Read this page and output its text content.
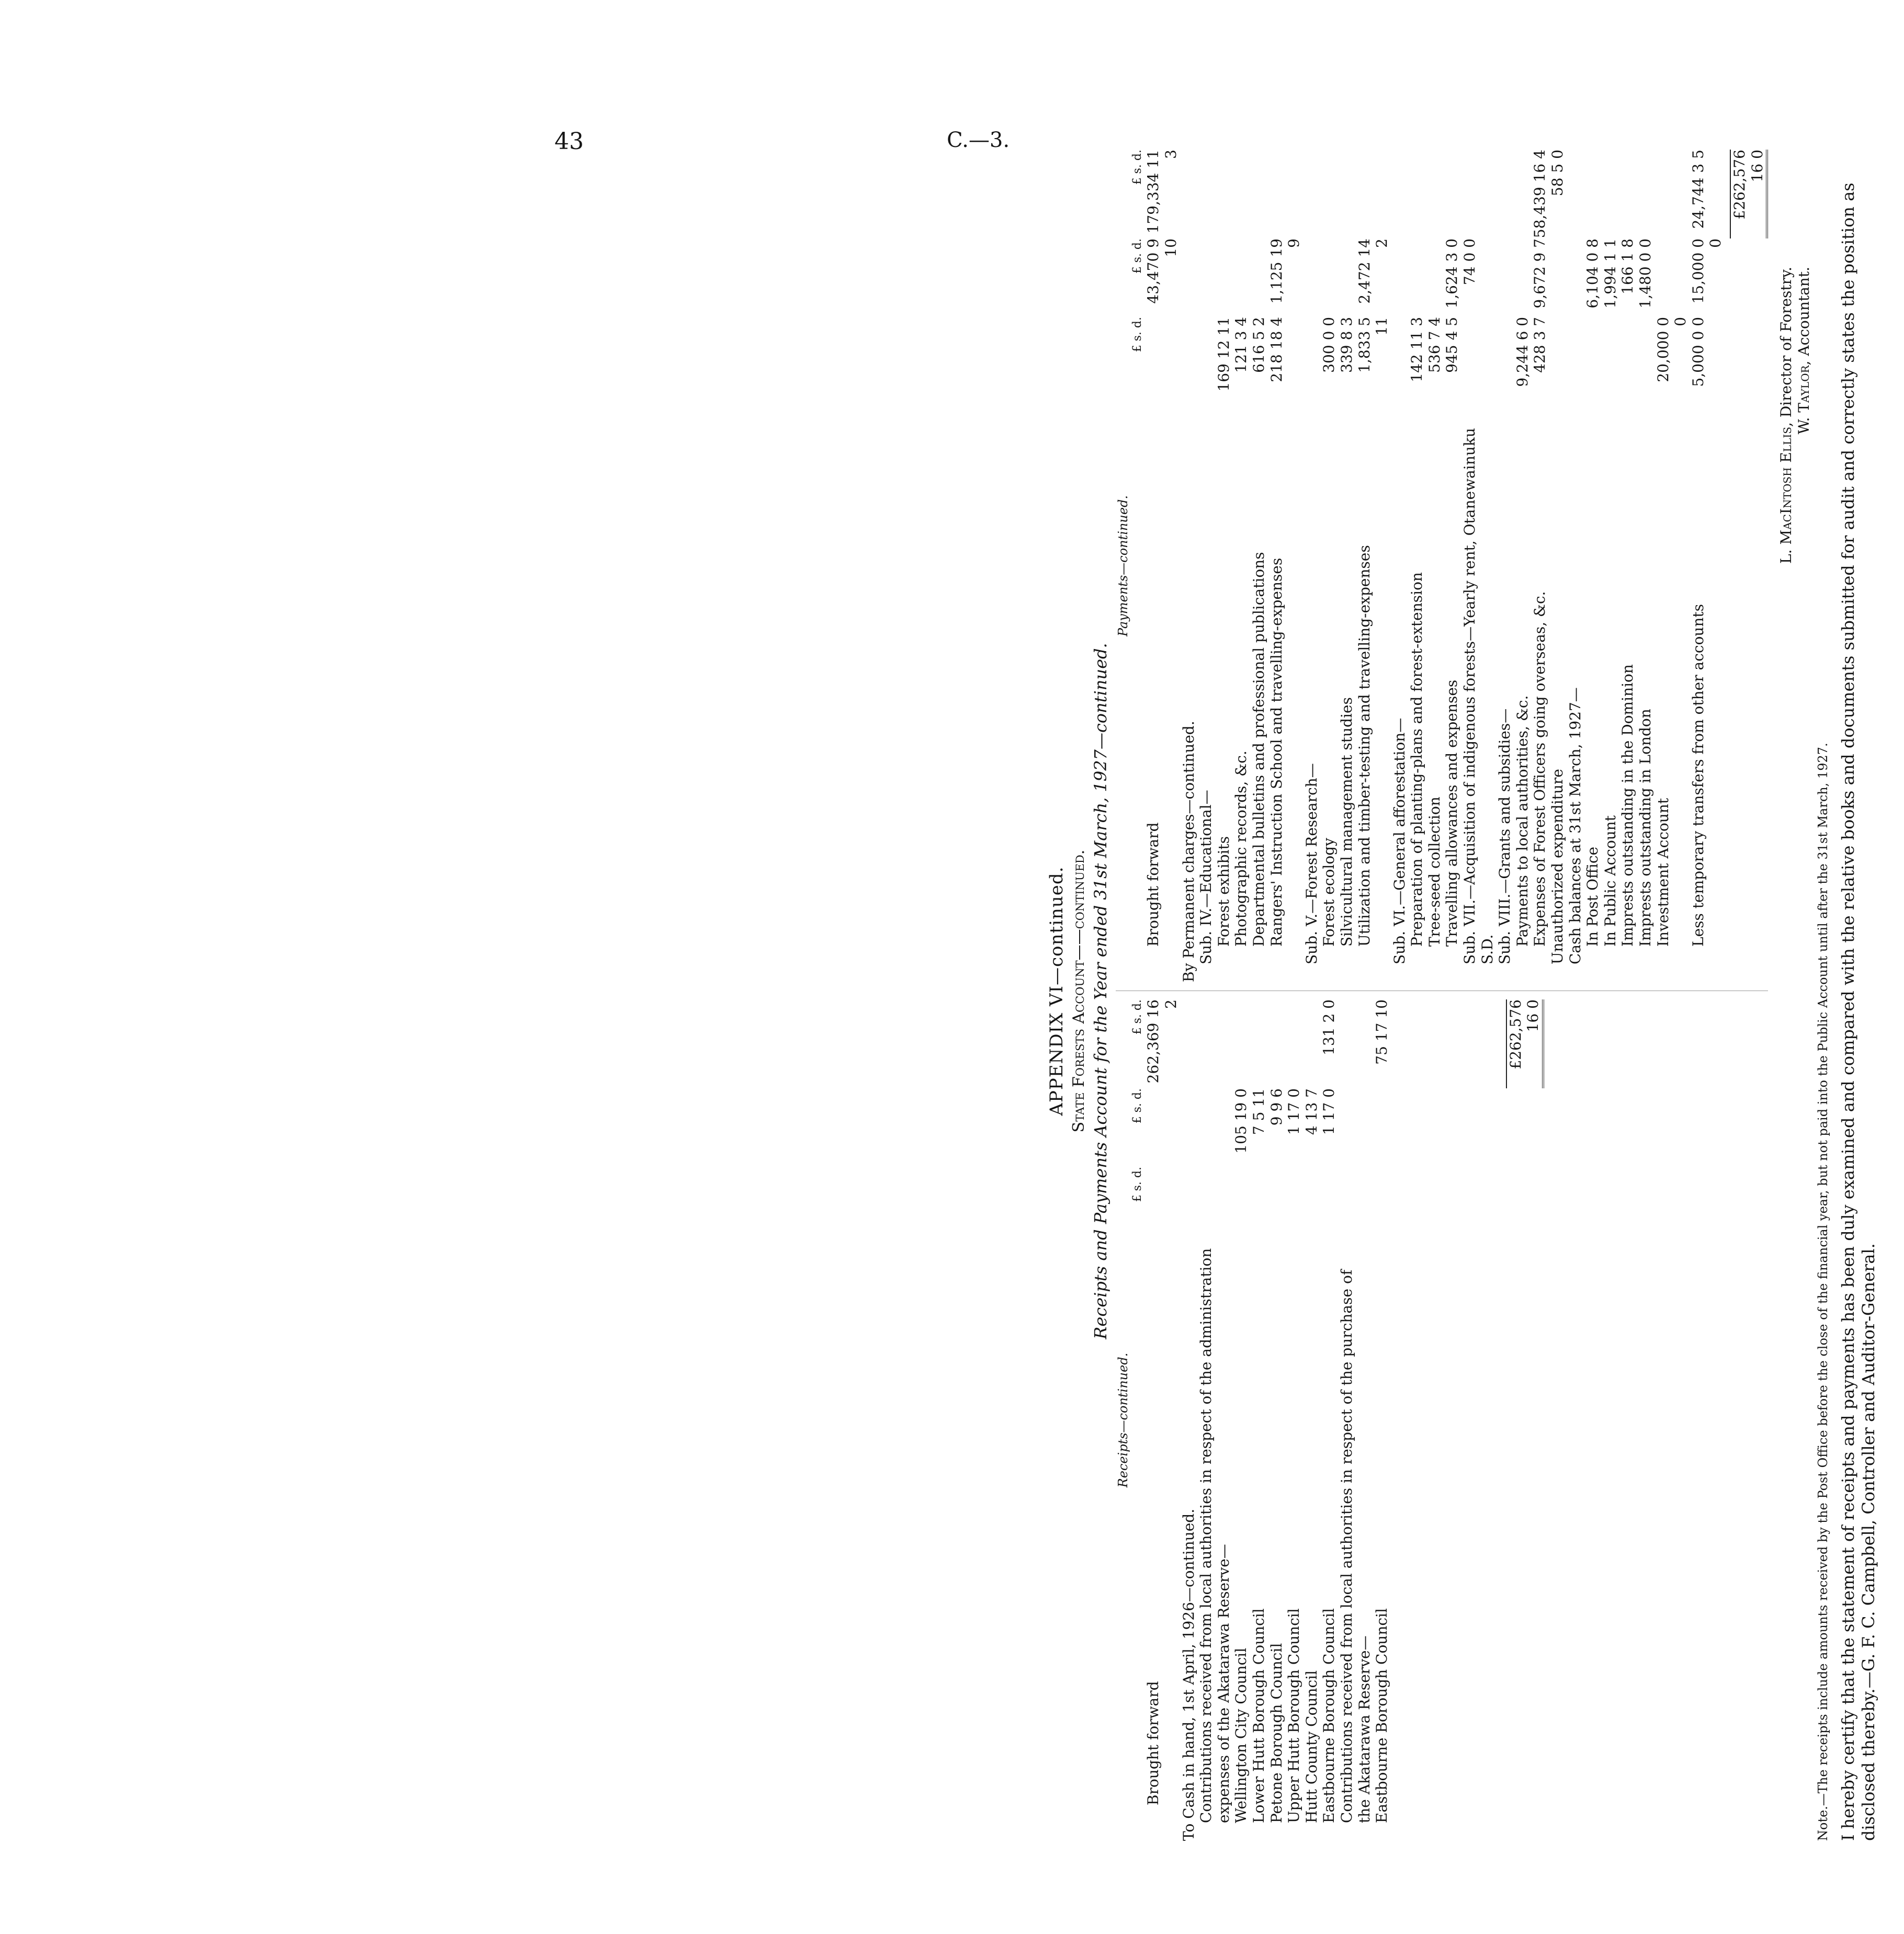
43	C.—3.
APPENDIX VI—continued. State Forests Account——continued. Receipts and Payments Account for the Year ended 31st March, 1927—continued.
Receipts—continued.
£ s. d.
£ s. d.
£ s. d.
Brought forward
262,369 16 2
To Cash in hand, 1st April, 1926—continued. Contributions received from local authorities in respect of the administration expenses of the Akatarawa Reserve— Wellington City Council
105 19 0
Lower Hutt Borough Council
7 5 11
Petone Borough Council
9 9 6
Upper Hutt Borough Council
1 17 0
Hutt County Council
4 13 7
Eastbourne Borough Council
1 17 0
131 2 0
Contributions received from local authorities in respect of the purchase of the Akatarawa Reserve— Eastbourne Borough Council
75 17 10	£262,576 16 0
Payments—continued.
£ s. d.
£ s. d.
£ s. d.
Brought forward
43,470 9 10
179,334 11 3
By Permanent charges—continued. Sub. IV.—Educational— Forest exhibits
169 12 11
Photographic records, &c.
121 3 4
Departmental bulletins and professional publications
616 5 2
Rangers' Instruction School and travelling-expenses
218 18 4
1,125 19 9
Sub. V.—Forest Research— Forest ecology
300 0 0
Silvicultural management studies
339 8 3
Utilization and timber-testing and travelling-expenses
1,833 5 11
2,472 14 2
Sub. VI.—General afforestation— Preparation of planting-plans and forest-extension
142 11 3
Tree-seed collection
536 7 4
Travelling allowances and expenses
945 4 5
1,624 3 0
Sub. VII.—Acquisition of indigenous forests—Yearly rent, Otanewainuku S.D.
74 0 0
Sub. VIII.—Grants and subsidies— Payments to local authorities, &c.
9,244 6 0
Expenses of Forest Officers going overseas, &c.
428 3 7
9,672 9 7
58,439 16 4
Unauthorized expenditure
58 5 0
Cash balances at 31st March, 1927— In Post Office
6,104 0 8
In Public Account
1,994 1 1
Imprests outstanding in the Dominion
166 1 8
Imprests outstanding in London
1,480 0 0
Investment Account
20,000 0 0
Less temporary transfers from other accounts
5,000 0 0
15,000 0 0
24,744 3 5 £262,576 16 0
L. MacIntosh Ellis, Director of Forestry. W. Taylor, Accountant.
Note.—The receipts include amounts received by the Post Office before the close of the financial year, but not paid into the Public Account until after the 31st March, 1927. I hereby certify that the statement of receipts and payments has been duly examined and compared with the relative books and documents submitted for audit and correctly states the position as disclosed thereby.—G. F. C. Campbell, Controller and Auditor-General.
